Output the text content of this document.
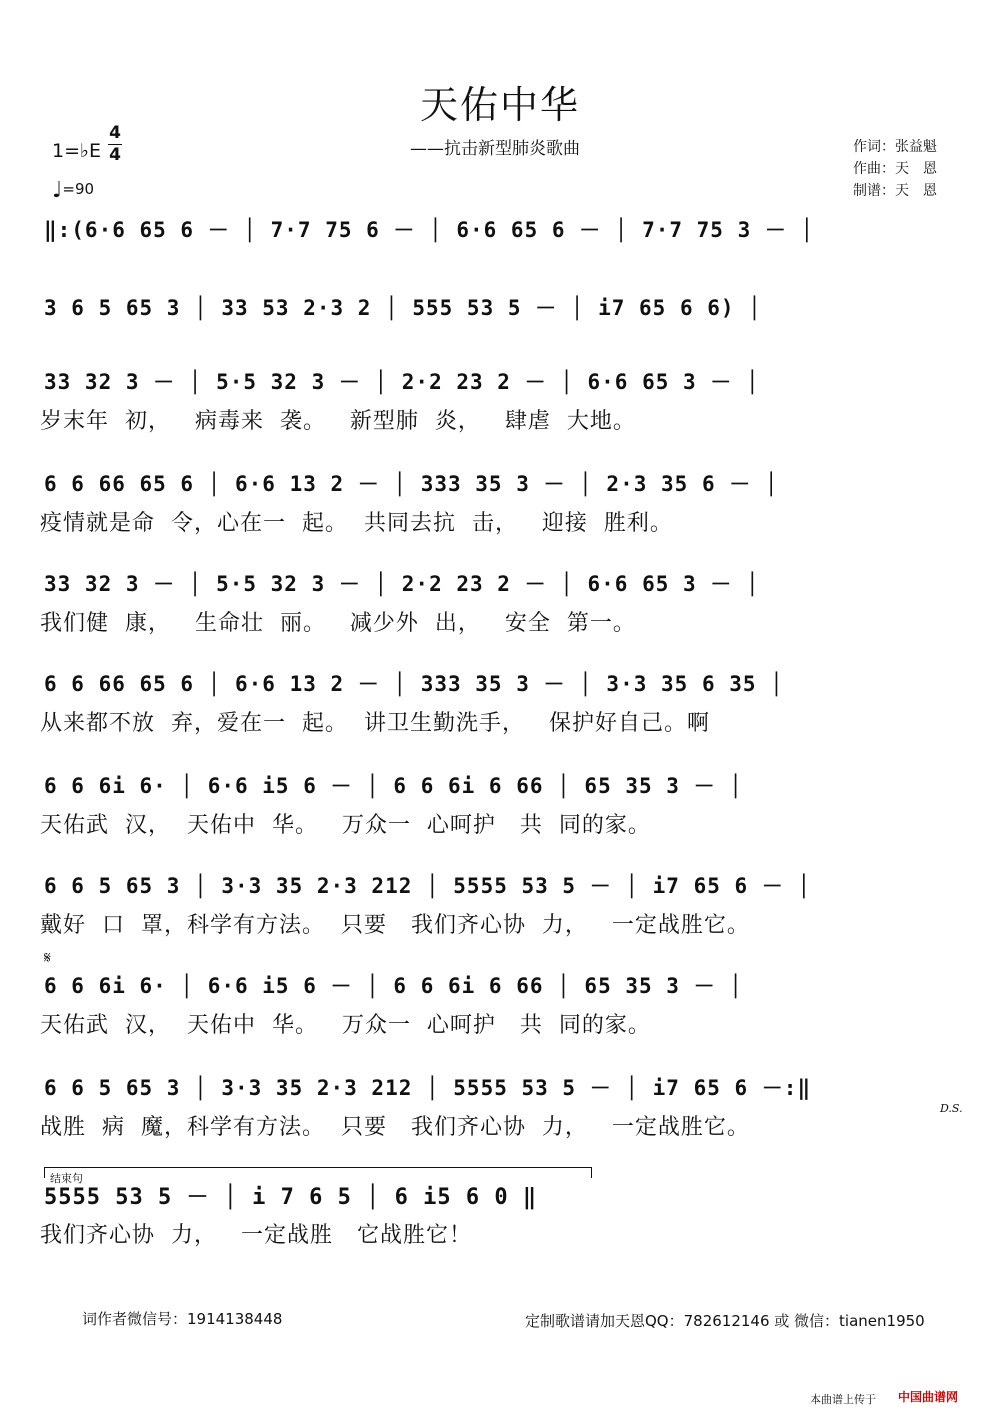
天佑中华
——抗击新型肺炎歌曲
1=♭E
4
4
♩=90
作词：张益魁
作曲：天　恩
制谱：天　恩
𝄋
D.S.
结束句
‖:(6·6 65 6 － │ 7·7 75 6 － │ 6·6 65 6 － │ 7·7 75 3 － │
3 6 5 65 3 │ 33 53 2·3 2 │ 555 53 5 － │ i7 65 6 6) │
33 32 3 － │ 5·5 32 3 － │ 2·2 23 2 － │ 6·6 65 3 － │
岁末年  初，   病毒来  袭。   新型肺  炎，   肆虐  大地。
6 6 66 65 6 │ 6·6 13 2 － │ 333 35 3 － │ 2·3 35 6 － │
疫情就是命  令，心在一  起。  共同去抗  击，   迎接  胜利。
33 32 3 － │ 5·5 32 3 － │ 2·2 23 2 － │ 6·6 65 3 － │
我们健  康，   生命壮  丽。   减少外  出，   安全  第一。
6 6 66 65 6 │ 6·6 13 2 － │ 333 35 3 － │ 3·3 35 6 35 │
从来都不放  弃，爱在一  起。  讲卫生勤洗手，   保护好自己。啊
6 6 6i 6· │ 6·6 i5 6 － │ 6 6 6i 6 66 │ 65 35 3 － │
天佑武  汉，  天佑中  华。   万众一  心呵护   共  同的家。
6 6 5 65 3 │ 3·3 35 2·3 212 │ 5555 53 5 － │ i7 65 6 － │
戴好  口  罩，科学有方法。  只要   我们齐心协  力，   一定战胜它。
6 6 6i 6· │ 6·6 i5 6 － │ 6 6 6i 6 66 │ 65 35 3 － │
天佑武  汉，  天佑中  华。   万众一  心呵护   共  同的家。
6 6 5 65 3 │ 3·3 35 2·3 212 │ 5555 53 5 － │ i7 65 6 －:‖
战胜  病  魔，科学有方法。  只要   我们齐心协  力，   一定战胜它。
5555 53 5 － │ i 7 6 5 │ 6 i5 6 0 ‖
我们齐心协  力，   一定战胜   它战胜它！
词作者微信号：1914138448	定制歌谱请加天恩QQ：782612146 或 微信：tianen1950
本曲谱上传于 中国曲谱网
